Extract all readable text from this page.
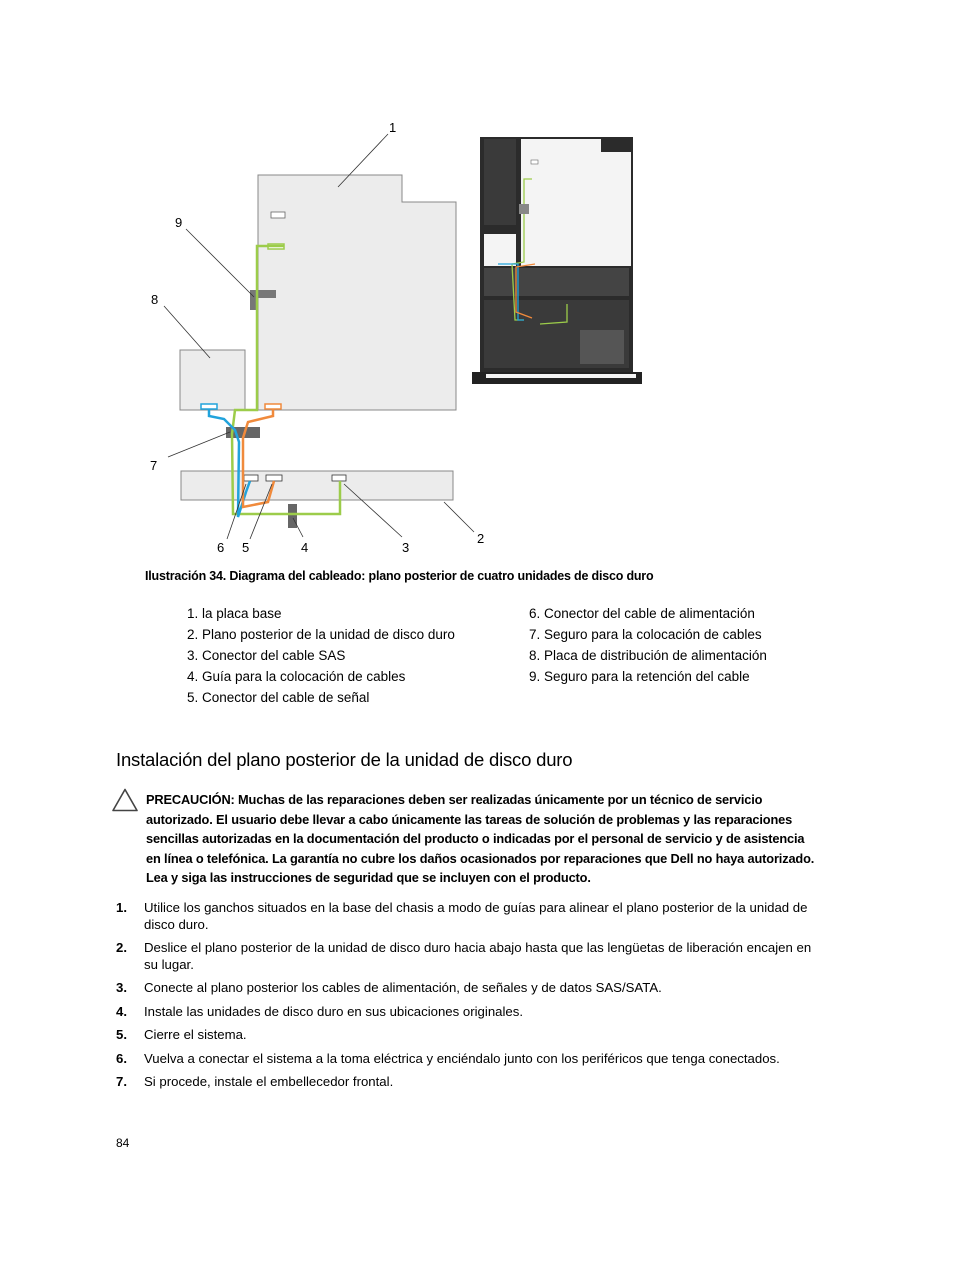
1
2
3
4
5
6
7
8
9
Ilustración 34. Diagrama del cableado: plano posterior de cuatro unidades de disco duro
1. la placa base
2. Plano posterior de la unidad de disco duro
3. Conector del cable SAS
4. Guía para la colocación de cables
5. Conector del cable de señal
6. Conector del cable de alimentación
7. Seguro para la colocación de cables
8. Placa de distribución de alimentación
9. Seguro para la retención del cable
Instalación del plano posterior de la unidad de disco duro
PRECAUCIÓN: Muchas de las reparaciones deben ser realizadas únicamente por un técnico de servicio autorizado. El usuario debe llevar a cabo únicamente las tareas de solución de problemas y las reparaciones sencillas autorizadas en la documentación del producto o indicadas por el personal de servicio y de asistencia en línea o telefónica. La garantía no cubre los daños ocasionados por reparaciones que Dell no haya autorizado. Lea y siga las instrucciones de seguridad que se incluyen con el producto.
1. Utilice los ganchos situados en la base del chasis a modo de guías para alinear el plano posterior de la unidad de disco duro.
2. Deslice el plano posterior de la unidad de disco duro hacia abajo hasta que las lengüetas de liberación encajen en su lugar.
3. Conecte al plano posterior los cables de alimentación, de señales y de datos SAS/SATA.
4. Instale las unidades de disco duro en sus ubicaciones originales.
5. Cierre el sistema.
6. Vuelva a conectar el sistema a la toma eléctrica y enciéndalo junto con los periféricos que tenga conectados.
7. Si procede, instale el embellecedor frontal.
84
